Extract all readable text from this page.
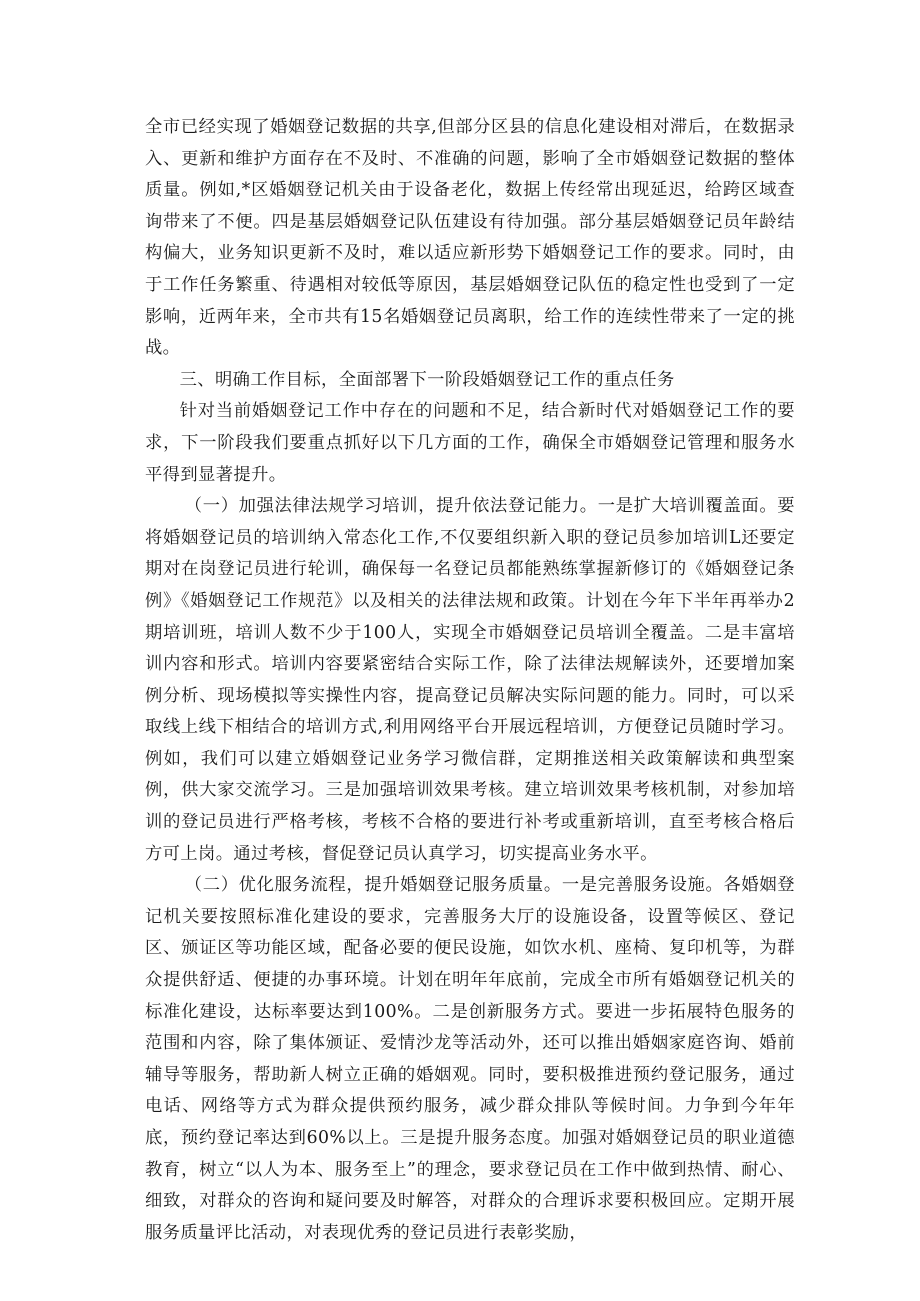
全市已经实现了婚姻登记数据的共享,但部分区县的信息化建设相对滞后，在数据录入、更新和维护方面存在不及时、不准确的问题，影响了全市婚姻登记数据的整体质量。例如,*区婚姻登记机关由于设备老化，数据上传经常出现延迟，给跨区域查询带来了不便。四是基层婚姻登记队伍建设有待加强。部分基层婚姻登记员年龄结构偏大，业务知识更新不及时，难以适应新形势下婚姻登记工作的要求。同时，由于工作任务繁重、待遇相对较低等原因，基层婚姻登记队伍的稳定性也受到了一定影响，近两年来，全市共有15名婚姻登记员离职，给工作的连续性带来了一定的挑战。

三、明确工作目标，全面部署下一阶段婚姻登记工作的重点任务

针对当前婚姻登记工作中存在的问题和不足，结合新时代对婚姻登记工作的要求，下一阶段我们要重点抓好以下几方面的工作，确保全市婚姻登记管理和服务水平得到显著提升。

（一）加强法律法规学习培训，提升依法登记能力。一是扩大培训覆盖面。要将婚姻登记员的培训纳入常态化工作,不仅要组织新入职的登记员参加培训L还要定期对在岗登记员进行轮训，确保每一名登记员都能熟练掌握新修订的《婚姻登记条例》《婚姻登记工作规范》以及相关的法律法规和政策。计划在今年下半年再举办2期培训班，培训人数不少于100人，实现全市婚姻登记员培训全覆盖。二是丰富培训内容和形式。培训内容要紧密结合实际工作，除了法律法规解读外，还要增加案例分析、现场模拟等实操性内容，提高登记员解决实际问题的能力。同时，可以采取线上线下相结合的培训方式,利用网络平台开展远程培训，方便登记员随时学习。例如，我们可以建立婚姻登记业务学习微信群，定期推送相关政策解读和典型案例，供大家交流学习。三是加强培训效果考核。建立培训效果考核机制，对参加培训的登记员进行严格考核，考核不合格的要进行补考或重新培训，直至考核合格后方可上岗。通过考核，督促登记员认真学习，切实提高业务水平。

（二）优化服务流程，提升婚姻登记服务质量。一是完善服务设施。各婚姻登记机关要按照标准化建设的要求，完善服务大厅的设施设备，设置等候区、登记区、颁证区等功能区域，配备必要的便民设施，如饮水机、座椅、复印机等，为群众提供舒适、便捷的办事环境。计划在明年年底前，完成全市所有婚姻登记机关的标准化建设，达标率要达到100%。二是创新服务方式。要进一步拓展特色服务的范围和内容，除了集体颁证、爱情沙龙等活动外，还可以推出婚姻家庭咨询、婚前辅导等服务，帮助新人树立正确的婚姻观。同时，要积极推进预约登记服务，通过电话、网络等方式为群众提供预约服务，减少群众排队等候时间。力争到今年年底，预约登记率达到60%以上。三是提升服务态度。加强对婚姻登记员的职业道德教育，树立“以人为本、服务至上”的理念，要求登记员在工作中做到热情、耐心、细致，对群众的咨询和疑问要及时解答，对群众的合理诉求要积极回应。定期开展服务质量评比活动，对表现优秀的登记员进行表彰奖励，
